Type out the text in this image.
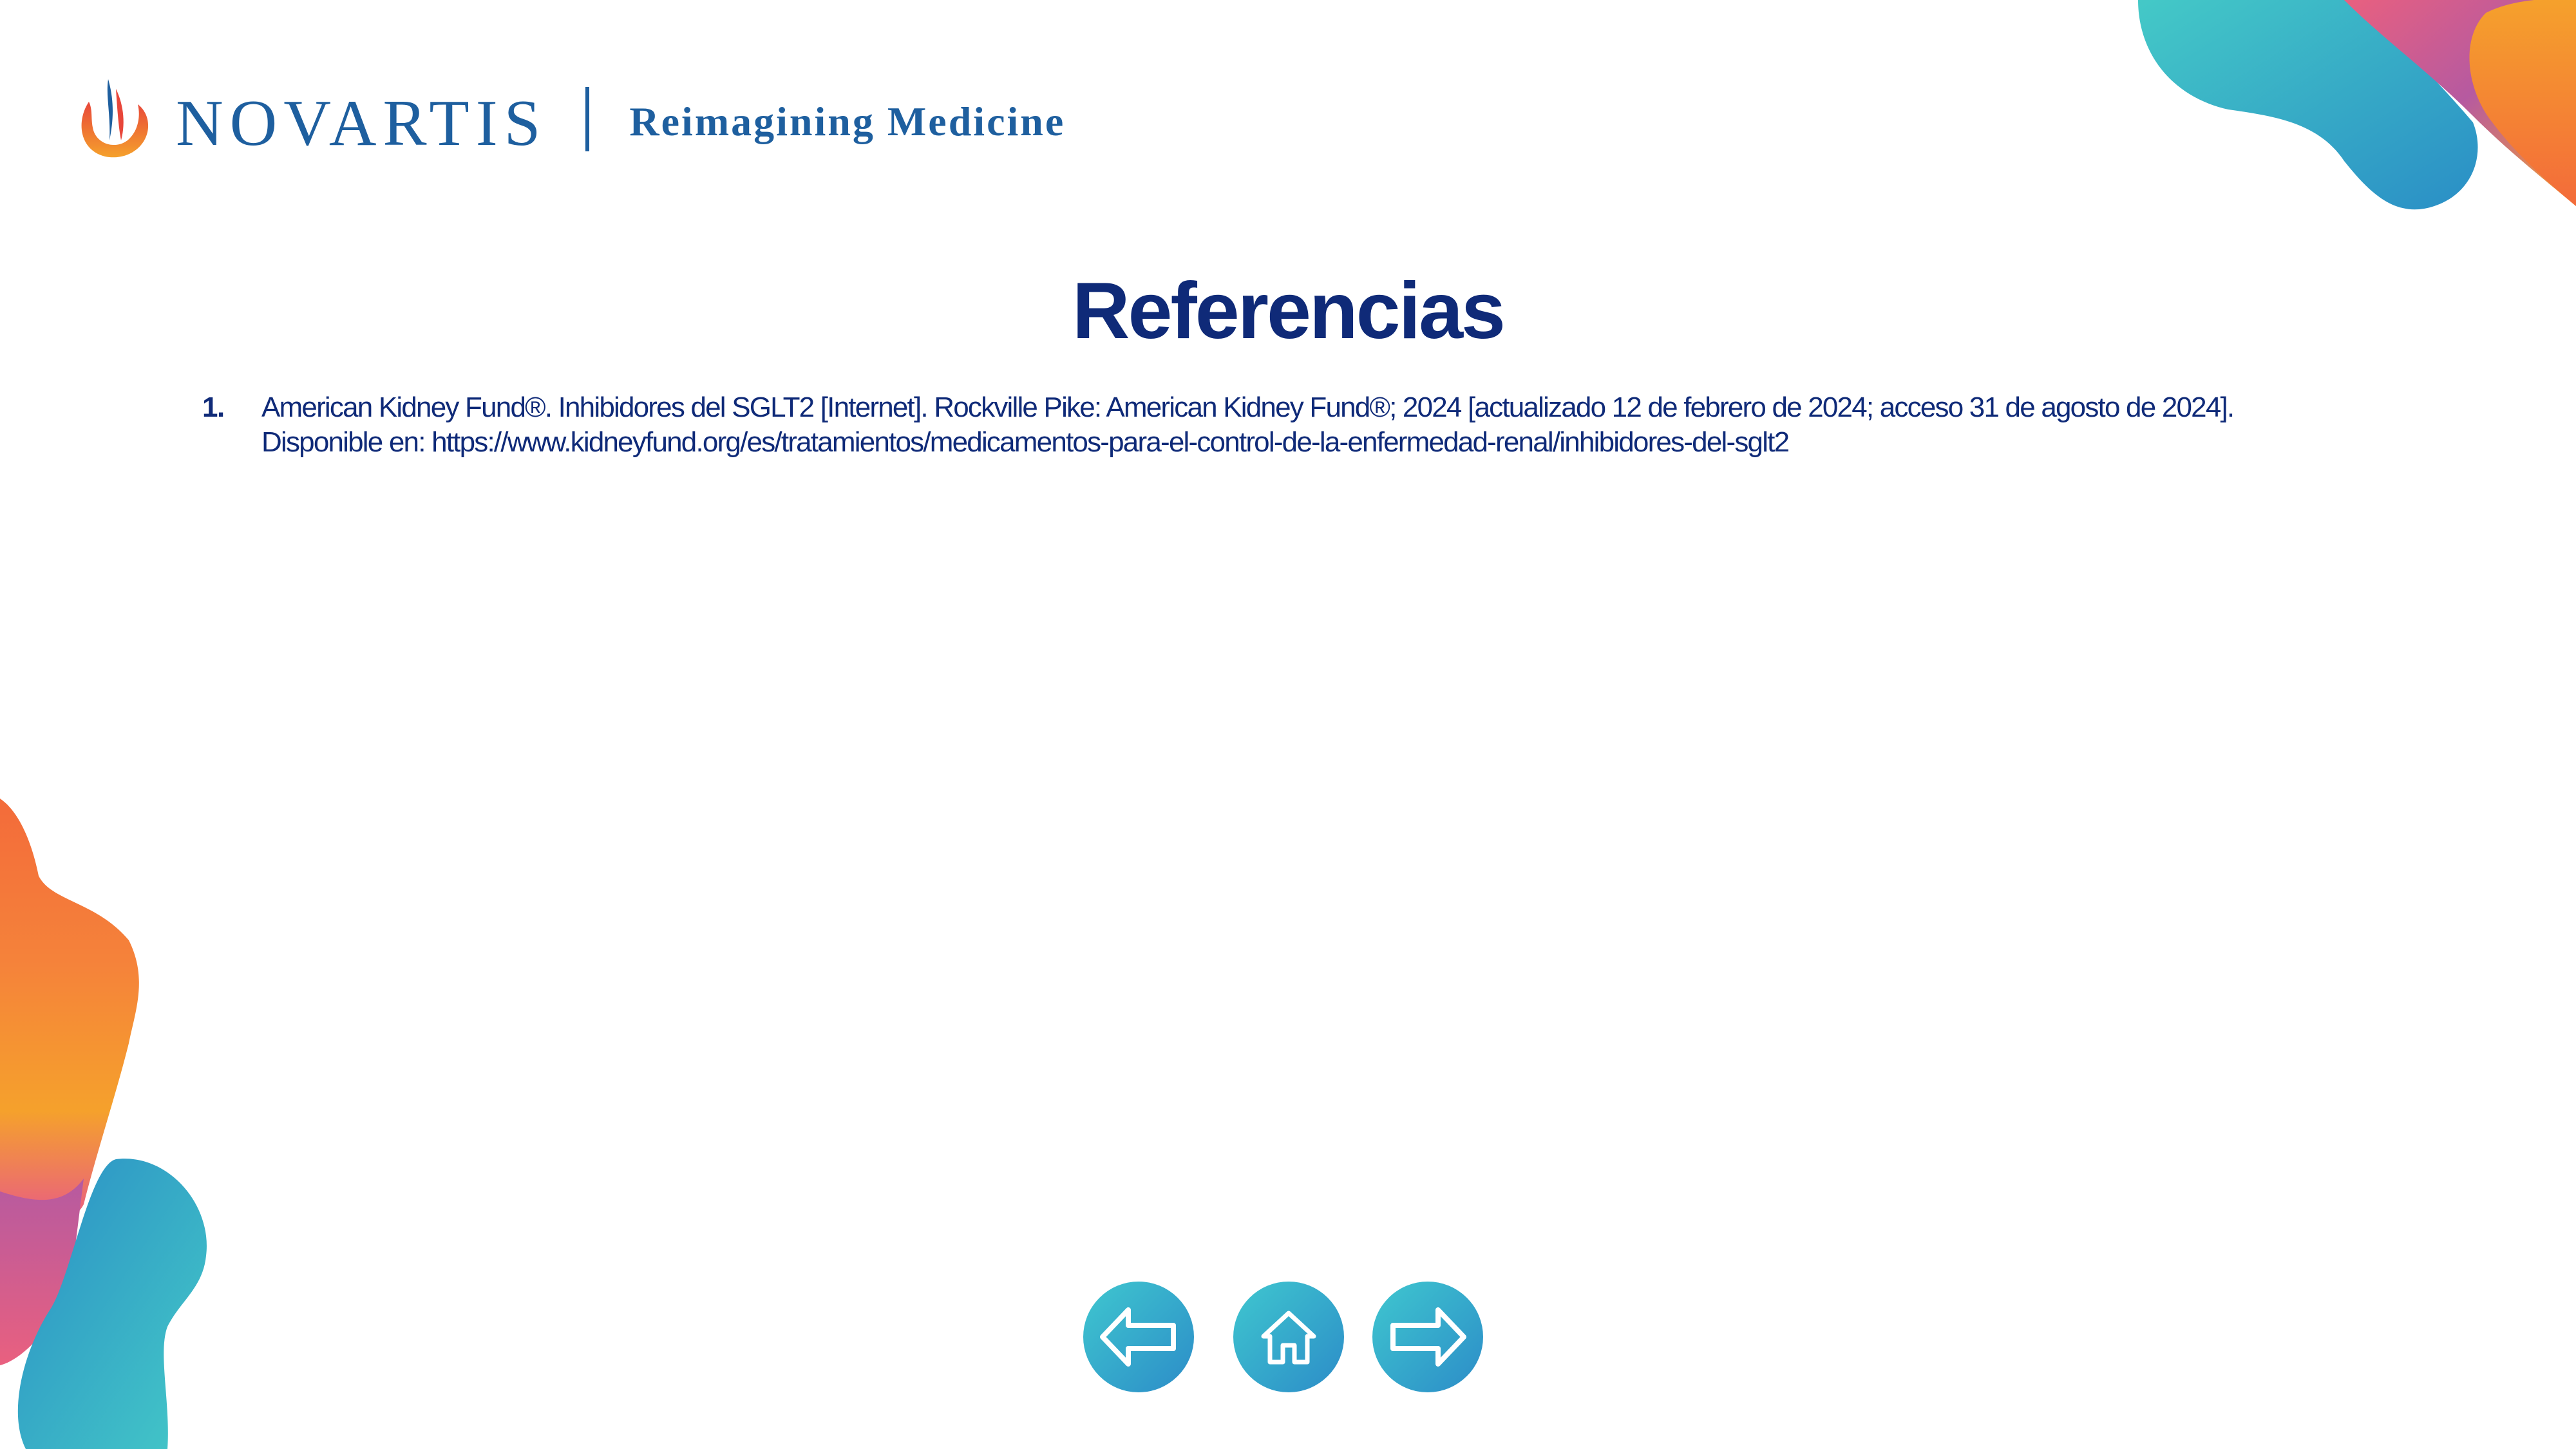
NOVARTIS Reimagining Medicine
Referencias
1.	American Kidney Fund®. Inhibidores del SGLT2 [Internet]. Rockville Pike: American Kidney Fund®; 2024 [actualizado 12 de febrero de 2024; acceso 31 de agosto de 2024].
Disponible en: https://www.kidneyfund.org/es/tratamientos/medicamentos-para-el-control-de-la-enfermedad-renal/inhibidores-del-sglt2
